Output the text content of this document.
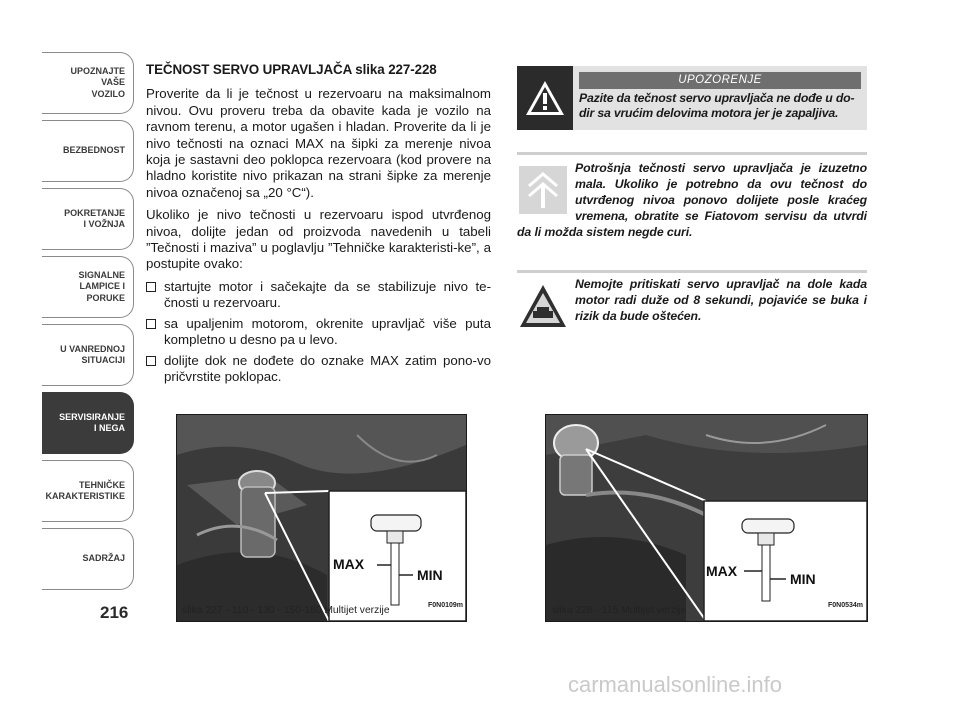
UPOZNAJTE
VAŠE
VOZILO
BEZBEDNOST
POKRETANJE
I VOŽNJA
SIGNALNE
LAMPICE I PORUKE
U VANREDNOJ
SITUACIJI
SERVISIRANJE
I NEGA
TEHNIČKE
KARAKTERISTIKE
SADRŽAJ
216
TEČNOST SERVO UPRAVLJAČA slika 227-228

Proverite da li je tečnost u rezervoaru na maksimalnom nivou. Ovu proveru treba da obavite kada je vozilo na ravnom terenu, a motor ugašen i hladan. Proverite da li je nivo tečnosti na oznaci MAX na šipki za merenje nivoa koja je sastavni deo poklopca rezervoara (kod provere na hladno koristite nivo prikazan na strani šipke za merenje nivoa označenoj sa „20 °C“).

Ukoliko je nivo tečnosti u rezervoaru ispod utvrđenog nivoa, dolijte jedan od proizvoda navedenih u tabeli ”Tečnosti i maziva” u poglavlju ”Tehničke karakteristi-ke”, a postupite ovako:

startujte motor i sačekajte da se stabilizuje nivo te-čnosti u rezervoaru.
sa upaljenim motorom, okrenite upravljač više puta kompletno u desno pa u levo.
dolijte dok ne dođete do oznake MAX zatim pono-vo pričvrstite poklopac.
UPOZORENJE
Pazite da tečnost servo upravljača ne dođe u do-dir sa vrućim delovima motora jer je zapaljiva.
Potrošnja tečnosti servo upravljača je izuzetno mala. Ukoliko je potrebno da ovu tečnost do utvrđenog nivoa ponovo dolijete posle kraćeg vremena, obratite se Fiatovom servisu da utvrdi da li možda sistem negde curi.
Nemojte pritiskati servo upravljač na dole kada motor radi duže od 8 sekundi, pojaviće se buka i rizik da bude oštećen.
MAX
MIN
slika 227 - 110 - 130 - 150-180 Multijet verzije	F0N0109m
MAX	MIN
slika 228 - 115 Multijet verzije	F0N0534m
carmanualsonline.info
